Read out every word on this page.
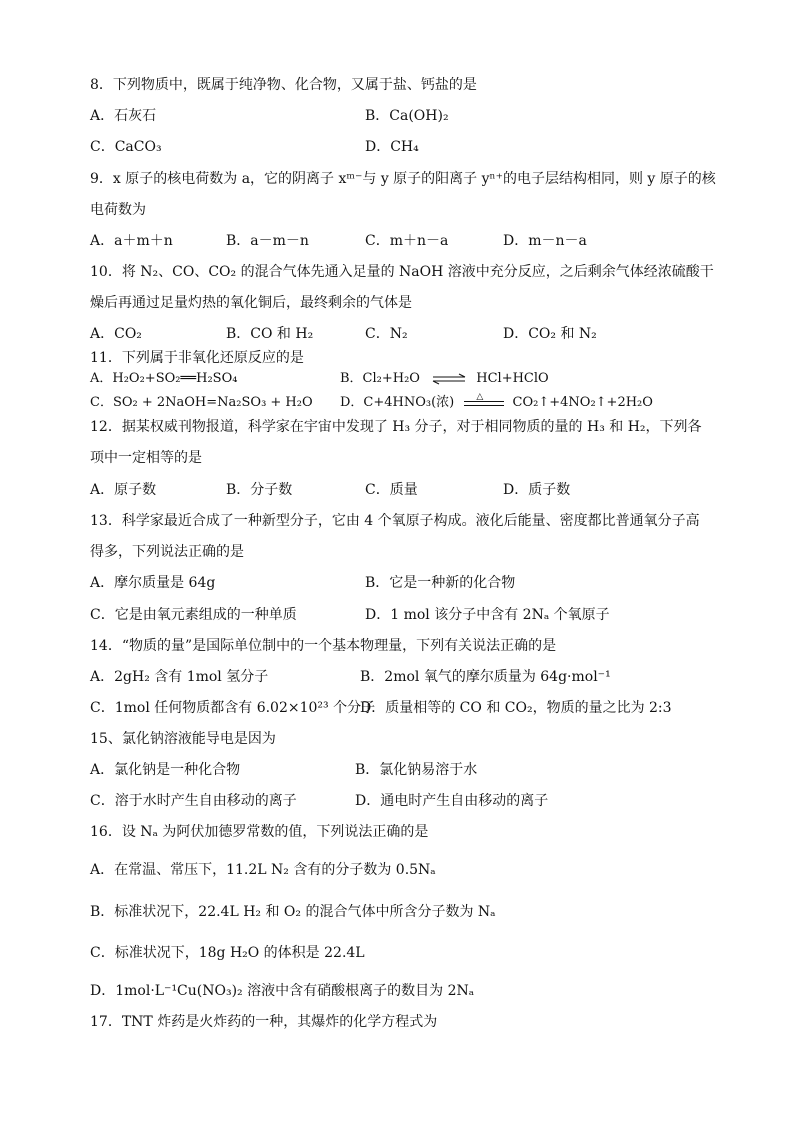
8．下列物质中，既属于纯净物、化合物，又属于盐、钙盐的是
A．石灰石	B．Ca(OH)₂
C．CaCO₃	D．CH₄
9．x 原子的核电荷数为 a，它的阴离子 xᵐ⁻与 y 原子的阳离子 yⁿ⁺的电子层结构相同，则 y 原子的核
电荷数为
A．a＋m＋n	B．a－m－n	C．m＋n－a	D．m－n－a
10．将 N₂、CO、CO₂ 的混合气体先通入足量的 NaOH 溶液中充分反应，之后剩余气体经浓硫酸干
燥后再通过足量灼热的氧化铜后，最终剩余的气体是
A．CO₂	B．CO 和 H₂	C．N₂	D．CO₂ 和 N₂
11．下列属于非氧化还原反应的是
A．H₂O₂+SO₂══H₂SO₄	B．Cl₂+H₂O ⇌ HCl+HClO
C．SO₂ + 2NaOH=Na₂SO₃ + H₂O D．C+4HNO₃(浓) △ CO₂↑+4NO₂↑+2H₂O
12．据某权威刊物报道，科学家在宇宙中发现了 H₃ 分子，对于相同物质的量的 H₃ 和 H₂，下列各
项中一定相等的是
A．原子数	B．分子数	C．质量	D．质子数
13．科学家最近合成了一种新型分子，它由 4 个氧原子构成。液化后能量、密度都比普通氧分子高
得多，下列说法正确的是
A．摩尔质量是 64g	B．它是一种新的化合物
C．它是由氧元素组成的一种单质	D．1 mol 该分子中含有 2Nₐ 个氧原子
14．“物质的量”是国际单位制中的一个基本物理量，下列有关说法正确的是
A．2gH₂ 含有 1mol 氢分子	B．2mol 氧气的摩尔质量为 64g·mol⁻¹
C．1mol 任何物质都含有 6.02×10²³ 个分子
D．质量相等的 CO 和 CO₂，物质的量之比为 2:3
15、氯化钠溶液能导电是因为
A．氯化钠是一种化合物	B．氯化钠易溶于水
C．溶于水时产生自由移动的离子	D．通电时产生自由移动的离子
16．设 Nₐ 为阿伏加德罗常数的值，下列说法正确的是
A．在常温、常压下，11.2L N₂ 含有的分子数为 0.5Nₐ
B．标准状况下，22.4L H₂ 和 O₂ 的混合气体中所含分子数为 Nₐ
C．标准状况下，18g H₂O 的体积是 22.4L
D．1mol·L⁻¹Cu(NO₃)₂ 溶液中含有硝酸根离子的数目为 2Nₐ
17．TNT 炸药是火炸药的一种，其爆炸的化学方程式为
